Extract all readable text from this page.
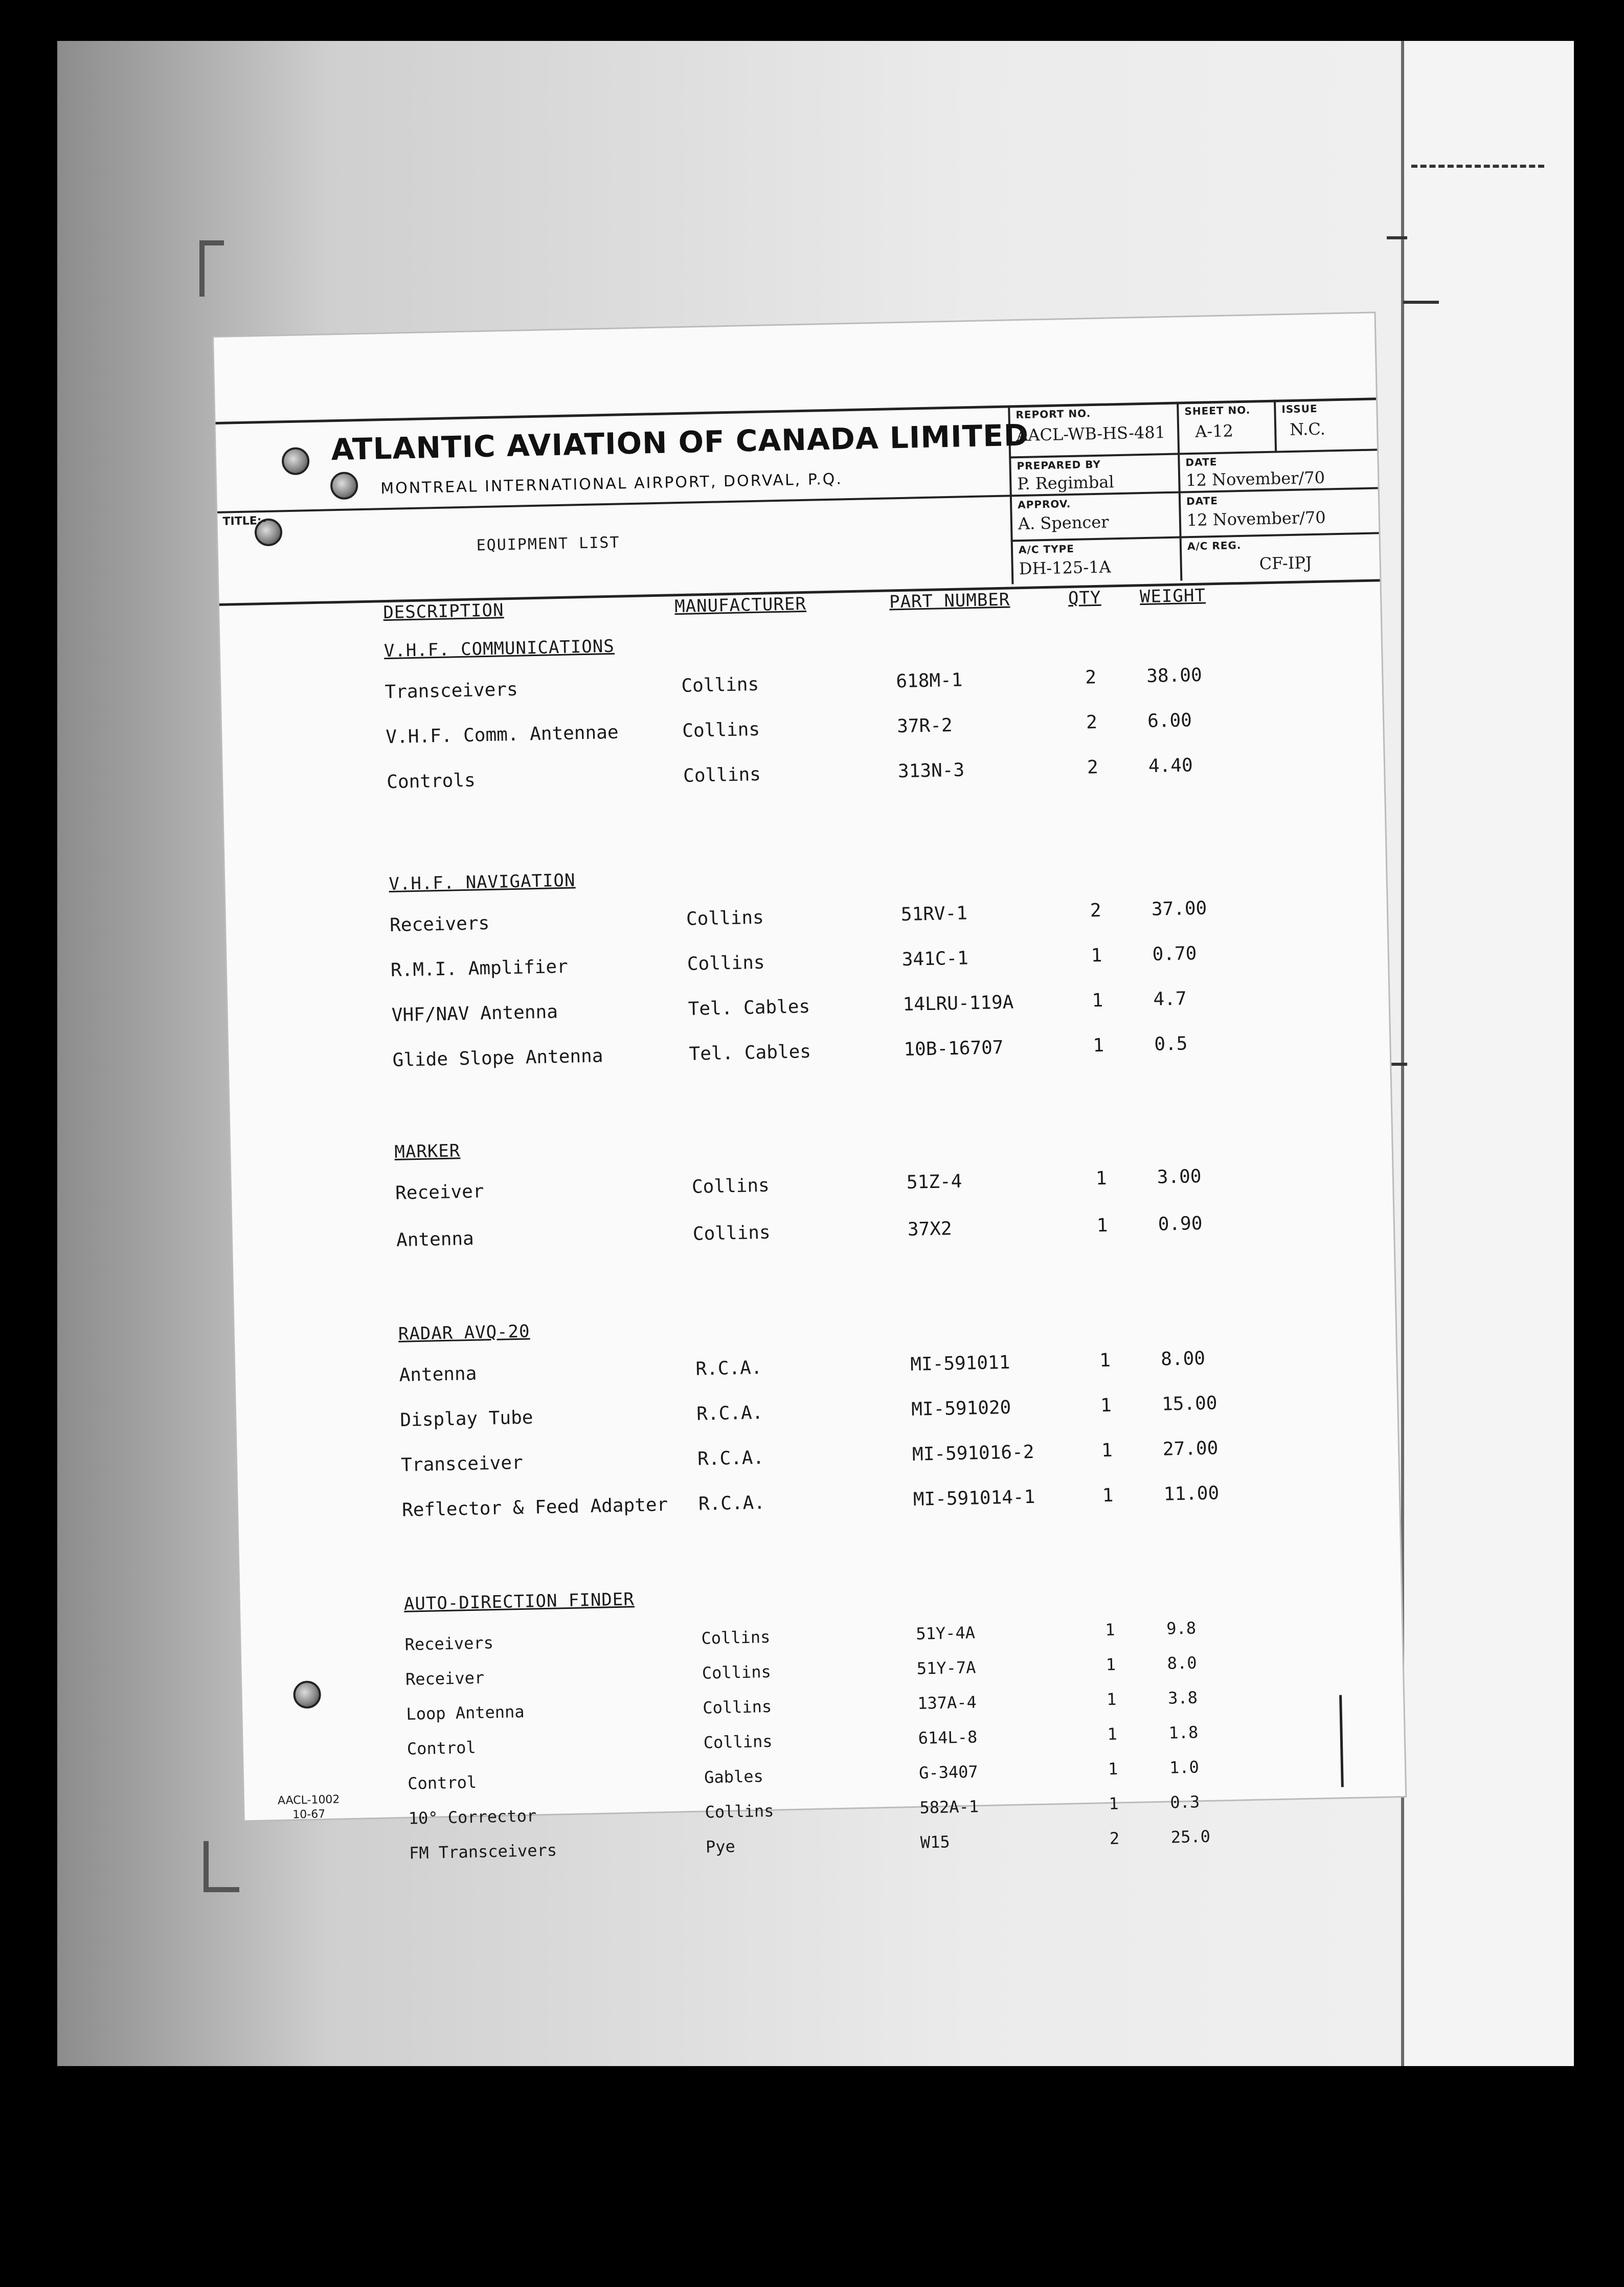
ATLANTIC AVIATION OF CANADA LIMITED
MONTREAL INTERNATIONAL AIRPORT, DORVAL, P.Q.
TITLE:-
EQUIPMENT LIST
REPORT NO.
AACL-WB-HS-481
SHEET NO.
A-12
ISSUE
N.C.
PREPARED BY
P. Regimbal
DATE
12 November/70
APPROV.
A. Spencer
DATE
12 November/70
A/C TYPE
DH-125-1A
A/C REG.
CF-IPJ
DESCRIPTION	MANUFACTURER	PART NUMBER	QTY WEIGHT
V.H.F. COMMUNICATIONS
Transceivers	Collins	618M-1	2	38.00
V.H.F. Comm. Antennae	Collins	37R-2	2	6.00
Controls	Collins	313N-3	2	4.40
V.H.F. NAVIGATION
Receivers	Collins	51RV-1	2	37.00
R.M.I. Amplifier	Collins	341C-1	1	0.70
VHF/NAV Antenna	Tel. Cables	14LRU-119A	1	4.7
Glide Slope Antenna	Tel. Cables	10B-16707	1	0.5
MARKER
Receiver	Collins	51Z-4	1	3.00
Antenna	Collins	37X2	1	0.90
RADAR AVQ-20
Antenna	R.C.A.	MI-591011	1	8.00
Display Tube	R.C.A.	MI-591020	1	15.00
Transceiver	R.C.A.	MI-591016-2	1	27.00
Reflector & Feed Adapter R.C.A.	MI-591014-1	1	11.00
AUTO-DIRECTION FINDER
Receivers	Collins	51Y-4A	1	9.8
Receiver	Collins	51Y-7A	1	8.0
Loop Antenna	Collins	137A-4	1	3.8
Control	Collins	614L-8	1	1.8
Control	Gables	G-3407	1	1.0
10° Corrector	Collins	582A-1	1	0.3
FM Transceivers	Pye	W15	2	25.0
AACL-1002
10-67
